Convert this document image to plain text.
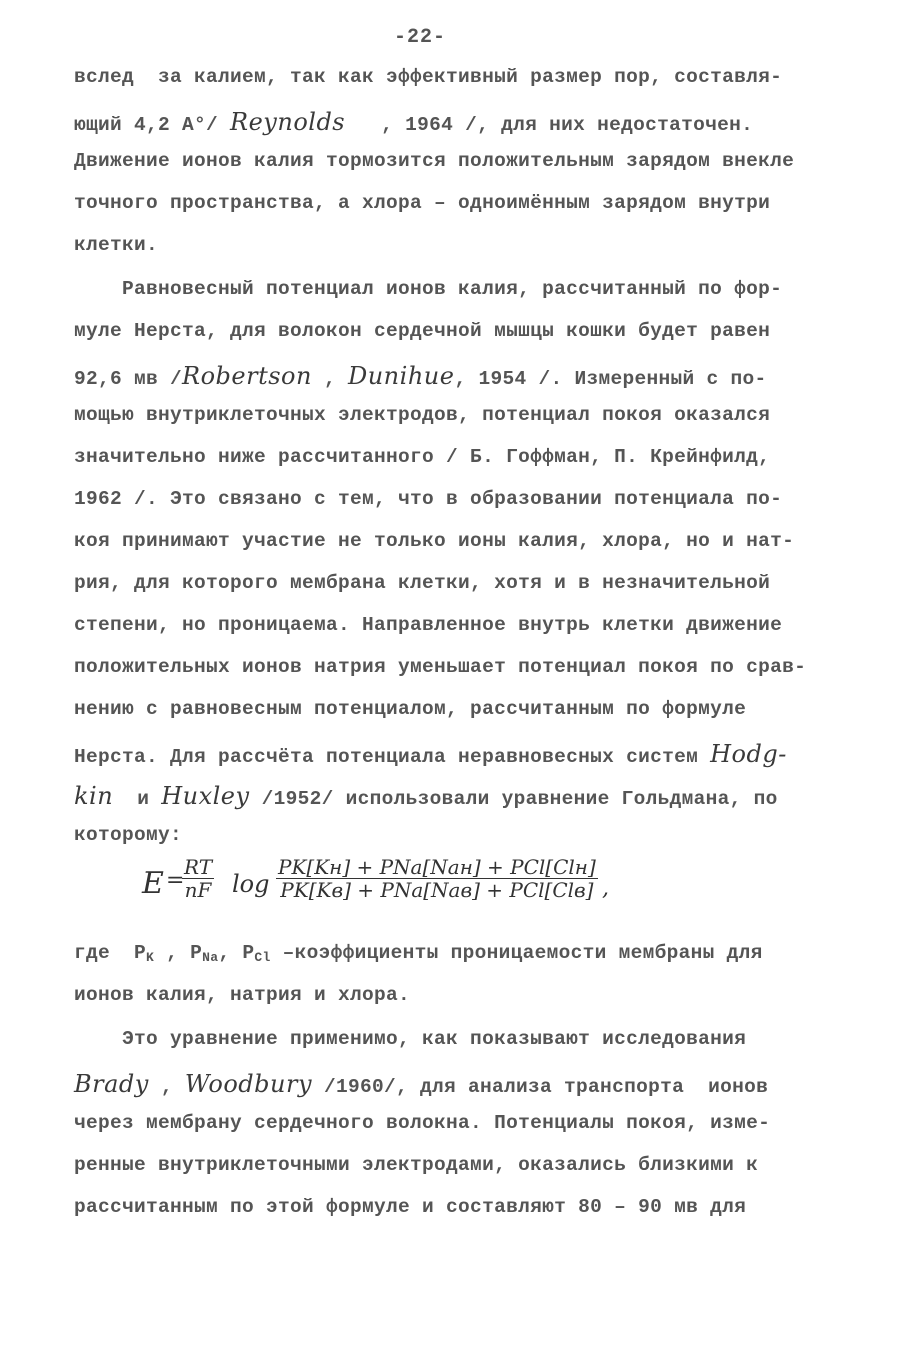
-22-
вслед  за калием, так как эффективный размер пор, составля-
ющий 4,2 А°/ Reynolds   , 1964 /, для них недостаточен.
Движение ионов калия тормозится положительным зарядом внекле
точного пространства, а хлора – одноимённым зарядом внутри
клетки.
Равновесный потенциал ионов калия, рассчитанный по фор-
муле Нерста, для волокон сердечной мышцы кошки будет равен
92,6 мв /Robertson , Dunihue, 1954 /. Измеренный с по-
мощью внутриклеточных электродов, потенциал покоя оказался
значительно ниже рассчитанного / Б. Гоффман, П. Крейнфилд,
1962 /. Это связано с тем, что в образовании потенциала по-
коя принимают участие не только ионы калия, хлора, но и нат-
рия, для которого мембрана клетки, хотя и в незначительной
степени, но проницаема. Направленное внутрь клетки движение
положительных ионов натрия уменьшает потенциал покоя по срав-
нению с равновесным потенциалом, рассчитанным по формуле
Нерста. Для рассчёта потенциала неравновесных систем Hodg-
kin  и Huxley /1952/ использовали уравнение Гольдмана, по
которому:
где  $P_K$ , $P_{Na}$, $P_{Cl}$ –коэффициенты проницаемости мембраны для
ионов калия, натрия и хлора.
Это уравнение применимо, как показывают исследования
Brady , Woodbury /1960/, для анализа транспорта  ионов
через мембрану сердечного волокна. Потенциалы покоя, изме-
ренные внутриклеточными электродами, оказались близкими к
рассчитанным по этой формуле и составляют 80 – 90 мв для
E =
$\frac{RT}{nF}$ log
PK[Kн] + PNa[Naн] + PCl[Clн]
PK[Kв] + PNa[Naв] + PCl[Clв] ,
